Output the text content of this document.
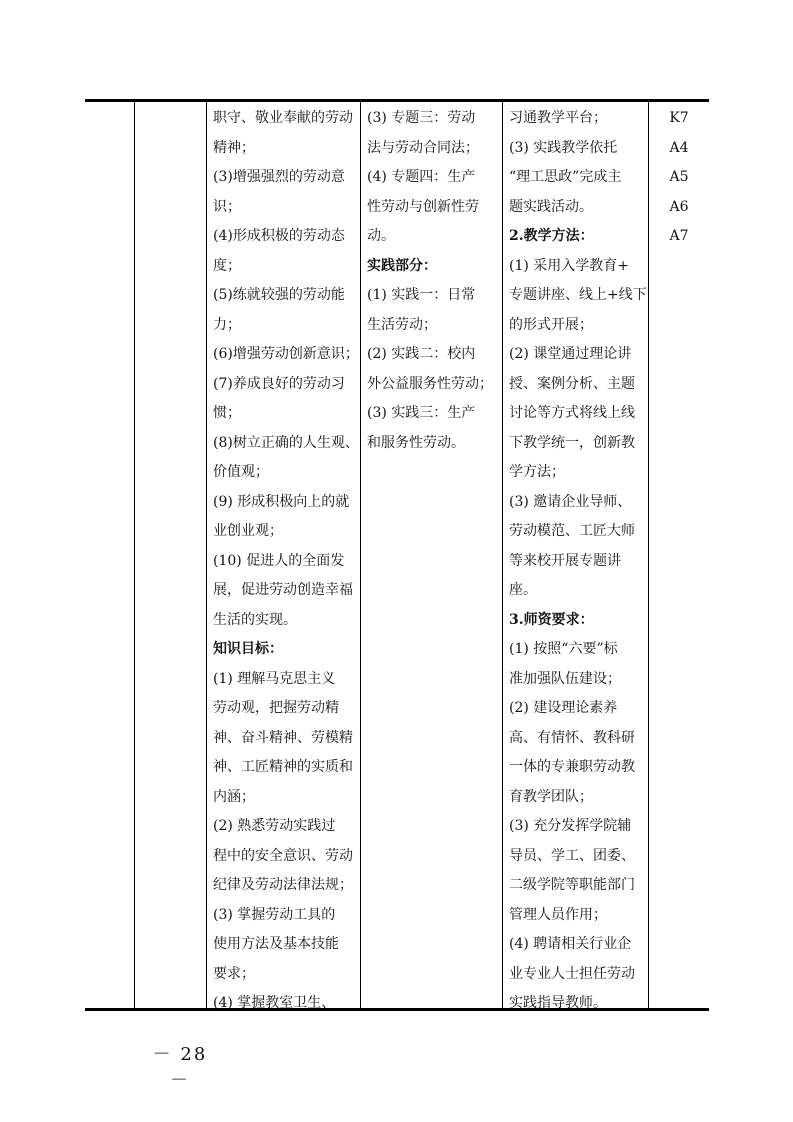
职守、敬业奉献的劳动
精神；
(3)增强强烈的劳动意
识；
(4)形成积极的劳动态
度；
(5)练就较强的劳动能
力；
(6)增强劳动创新意识；
(7)养成良好的劳动习
惯；
(8)树立正确的人生观、
价值观；
(9) 形成积极向上的就
业创业观；
(10) 促进人的全面发
展，促进劳动创造幸福
生活的实现。
知识目标：
(1) 理解马克思主义
劳动观，把握劳动精
神、奋斗精神、劳模精
神、工匠精神的实质和
内涵；
(2) 熟悉劳动实践过
程中的安全意识、劳动
纪律及劳动法律法规；
(3) 掌握劳动工具的
使用方法及基本技能
要求；
(4) 掌握教室卫生、
(3) 专题三：劳动
法与劳动合同法；
(4) 专题四：生产
性劳动与创新性劳
动。
实践部分：
(1) 实践一：日常
生活劳动；
(2) 实践二：校内
外公益服务性劳动；
(3) 实践三：生产
和服务性劳动。
习通教学平台；
(3) 实践教学依托
“理工思政”完成主
题实践活动。
2.教学方法：
(1) 采用入学教育+
专题讲座、线上+线下
的形式开展；
(2) 课堂通过理论讲
授、案例分析、主题
讨论等方式将线上线
下教学统一，创新教
学方法；
(3) 邀请企业导师、
劳动模范、工匠大师
等来校开展专题讲
座。
3.师资要求：
(1) 按照“六要”标
准加强队伍建设；
(2) 建设理论素养
高、有情怀、教科研
一体的专兼职劳动教
育教学团队；
(3) 充分发挥学院辅
导员、学工、团委、
二级学院等职能部门
管理人员作用；
(4) 聘请相关行业企
业专业人士担任劳动
实践指导教师。
K7
A4
A5
A6
A7
－ 28 －
